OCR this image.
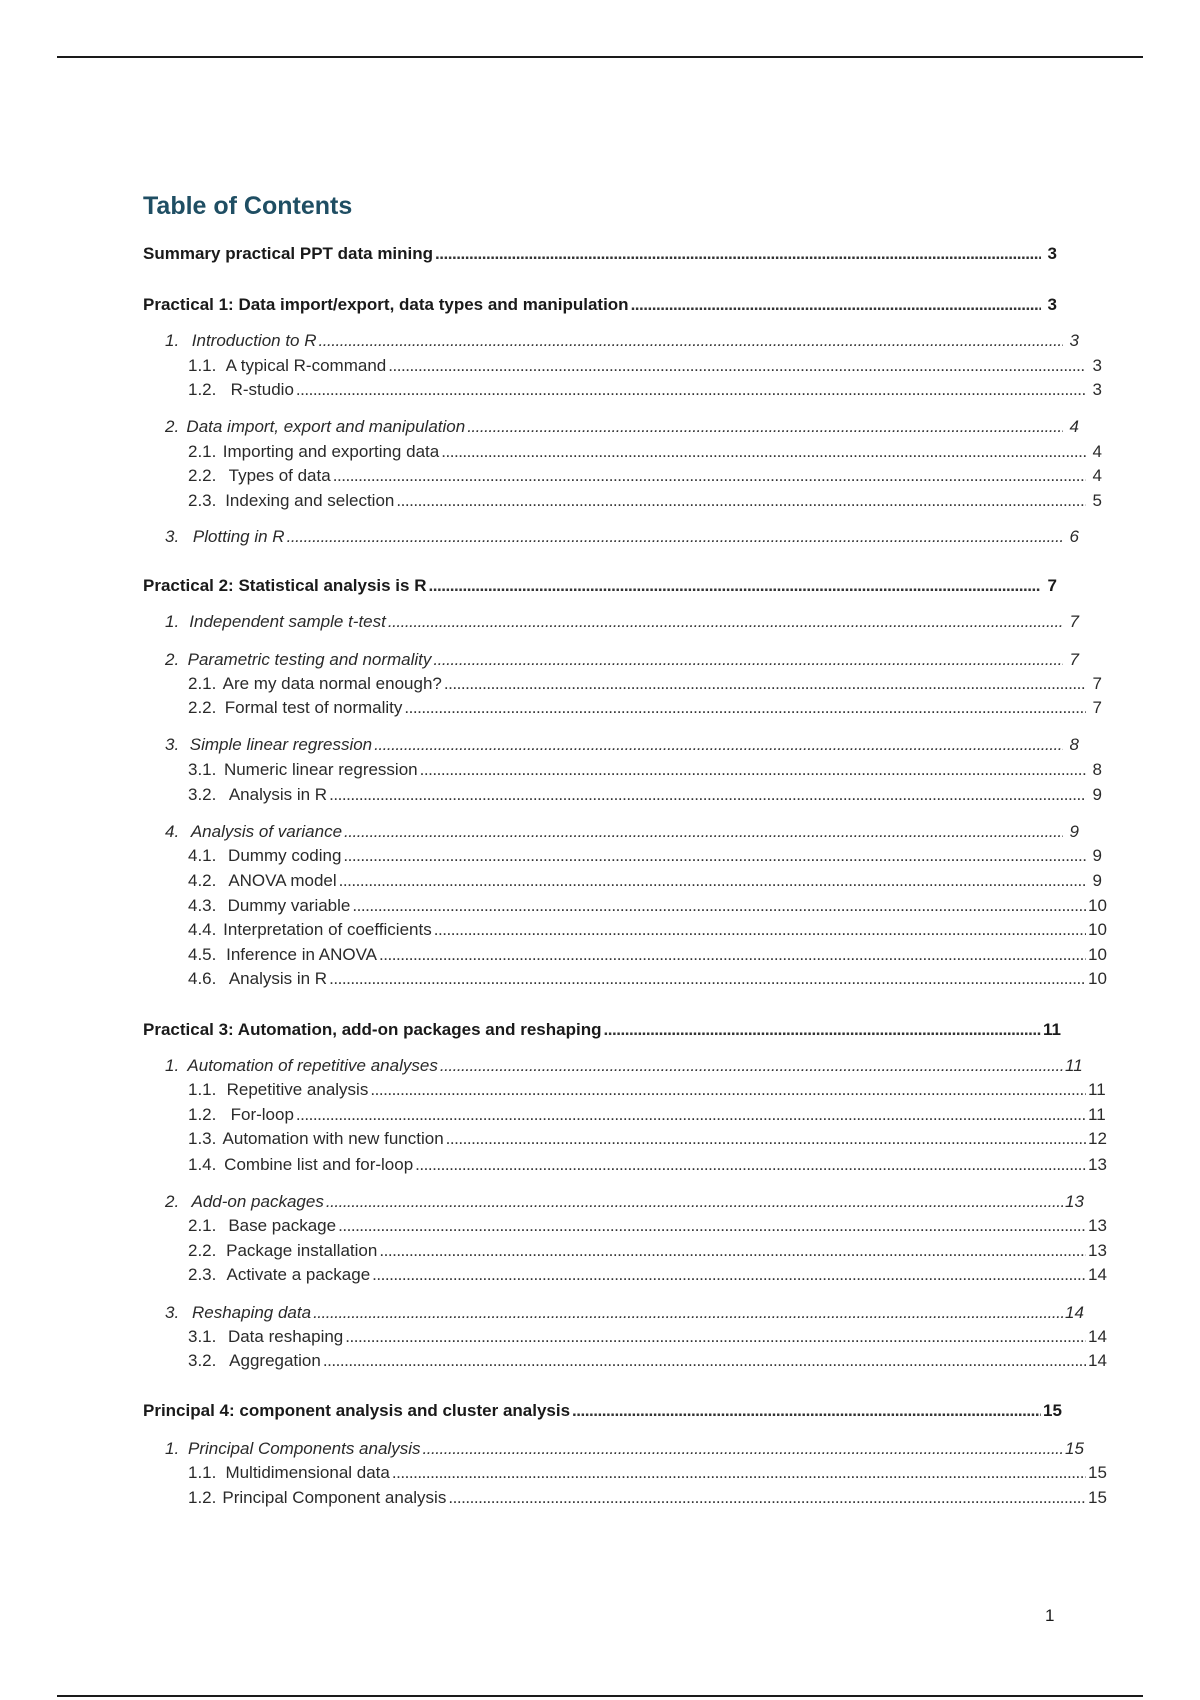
Table of Contents
Summary practical PPT data mining . . .	3
Practical 1: Data import/export, data types and manipulation . . .	3
1. Introduction to R . . .	3
1.1. A typical R-command . . .	3
1.2. R-studio . . .	3
2. Data import, export and manipulation . . .	4
2.1. Importing and exporting data . . .	4
2.2. Types of data . . .	4
2.3. Indexing and selection . . .	5
3. Plotting in R . . .	6
Practical 2: Statistical analysis is R . . .	7
1. Independent sample t-test . . .	7
2. Parametric testing and normality . . .	7
2.1. Are my data normal enough? . . .	7
2.2. Formal test of normality . . .	7
3. Simple linear regression . . .	8
3.1. Numeric linear regression . . .	8
3.2. Analysis in R . . .	9
4. Analysis of variance . . .	9
4.1. Dummy coding . . .	9
4.2. ANOVA model . . .	9
4.3. Dummy variable . . .	10
4.4. Interpretation of coefficients . . .	10
4.5. Inference in ANOVA . . .	10
4.6. Analysis in R . . .	10
Practical 3: Automation, add-on packages and reshaping . . .	11
1. Automation of repetitive analyses . . .	11
1.1. Repetitive analysis . . .	11
1.2. For-loop . . .	11
1.3. Automation with new function . . .	12
1.4. Combine list and for-loop . . .	13
2. Add-on packages . . .	13
2.1. Base package . . .	13
2.2. Package installation . . .	13
2.3. Activate a package . . .	14
3. Reshaping data . . .	14
3.1. Data reshaping . . .	14
3.2. Aggregation . . .	14
Principal 4: component analysis and cluster analysis . . .	15
1. Principal Components analysis . . .	15
1.1. Multidimensional data . . .	15
1.2. Principal Component analysis . . .	15
1
